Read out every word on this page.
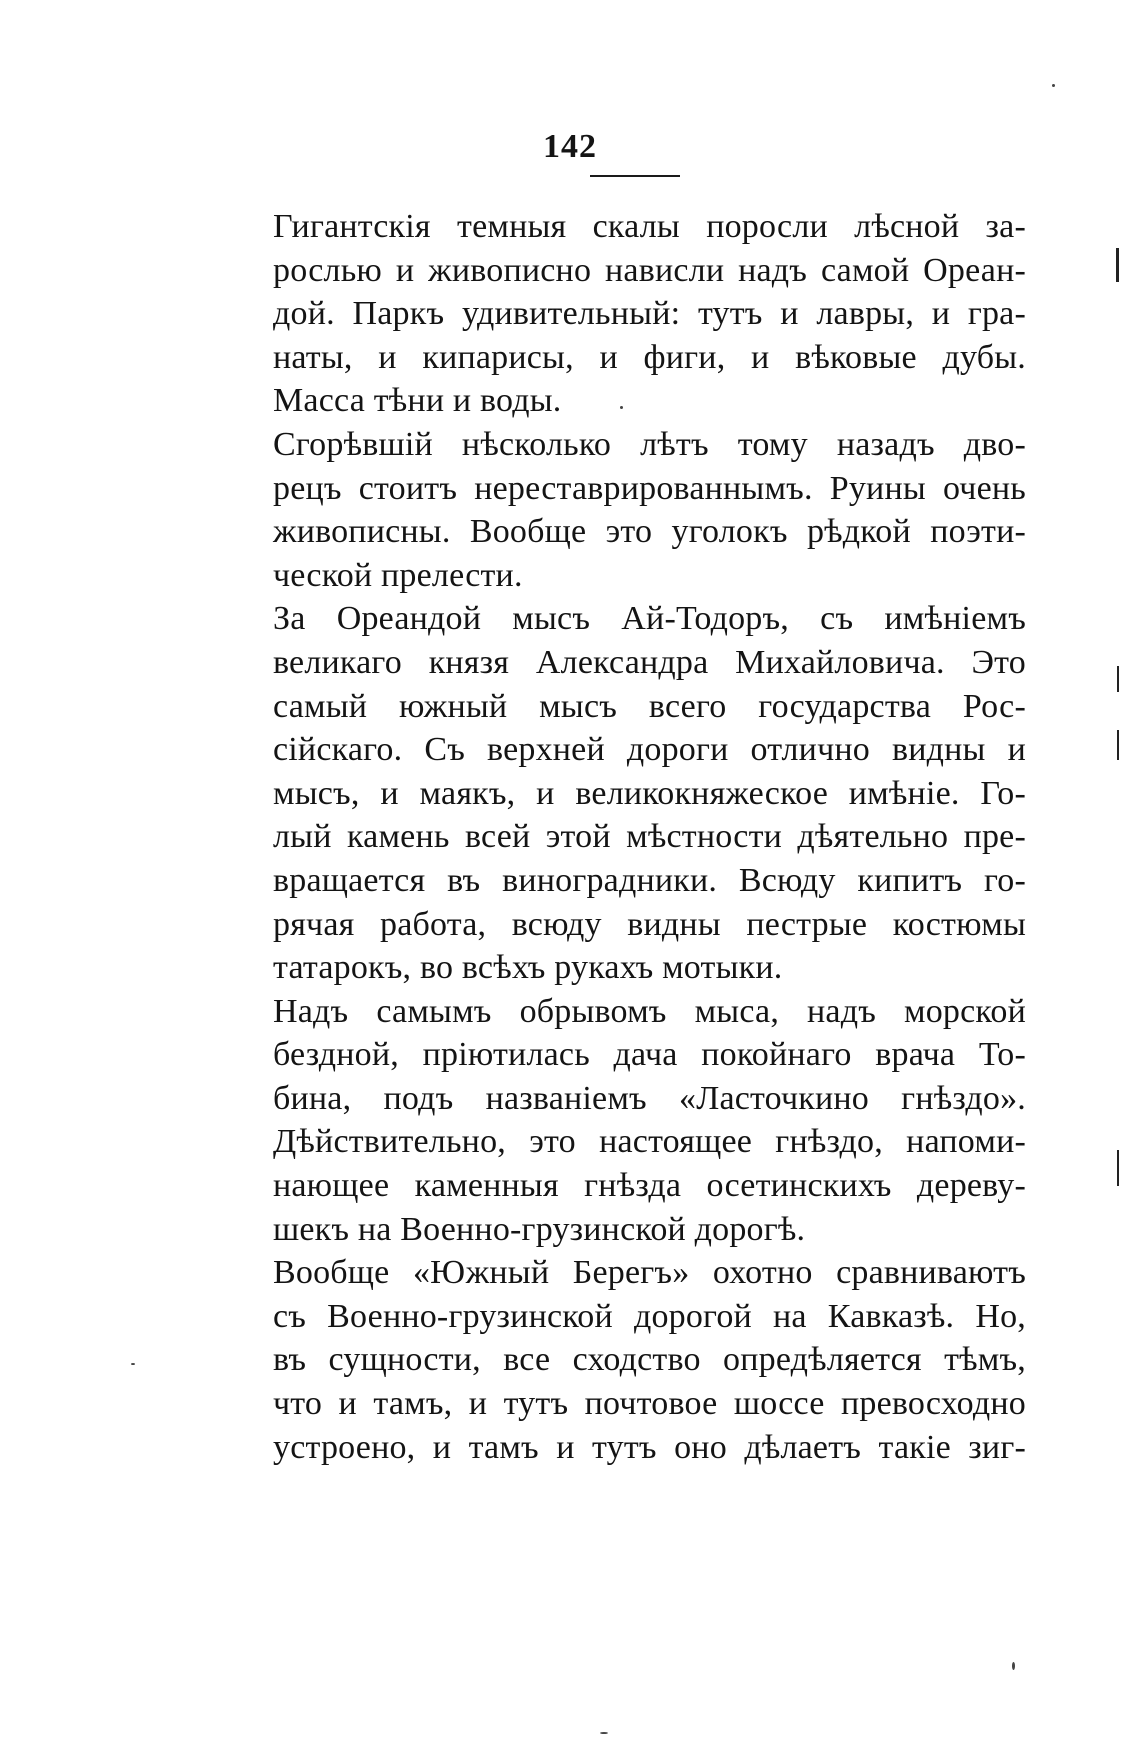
142

Гигантскія темныя скалы поросли лѣсной за-
рослью и живописно нависли надъ самой Ореан-
дой. Паркъ удивительный: тутъ и лавры, и гра-
наты, и кипарисы, и фиги, и вѣковые дубы.
Масса тѣни и воды.

Сгорѣвшій нѣсколько лѣтъ тому назадъ дво-
рецъ стоитъ нереставрированнымъ. Руины очень
живописны. Вообще это уголокъ рѣдкой поэти-
ческой прелести.

За Ореандой мысъ Ай-Тодоръ, съ имѣніемъ
великаго князя Александра Михайловича. Это
самый южный мысъ всего государства Рос-
сійскаго. Съ верхней дороги отлично видны и
мысъ, и маякъ, и великокняжеское имѣніе. Го-
лый камень всей этой мѣстности дѣятельно пре-
вращается въ виноградники. Всюду кипитъ го-
рячая работа, всюду видны пестрые костюмы
татарокъ, во всѣхъ рукахъ мотыки.

Надъ самымъ обрывомъ мыса, надъ морской
бездной, пріютилась дача покойнаго врача То-
бина, подъ названіемъ «Ласточкино гнѣздо».
Дѣйствительно, это настоящее гнѣздо, напоми-
нающее каменныя гнѣзда осетинскихъ дереву-
шекъ на Военно-грузинской дорогѣ.

Вообще «Южный Берегъ» охотно сравниваютъ
съ Военно-грузинской дорогой на Кавказѣ. Но,
въ сущности, все сходство опредѣляется тѣмъ,
что и тамъ, и тутъ почтовое шоссе превосходно
устроено, и тамъ и тутъ оно дѣлаетъ такіе зиг-
